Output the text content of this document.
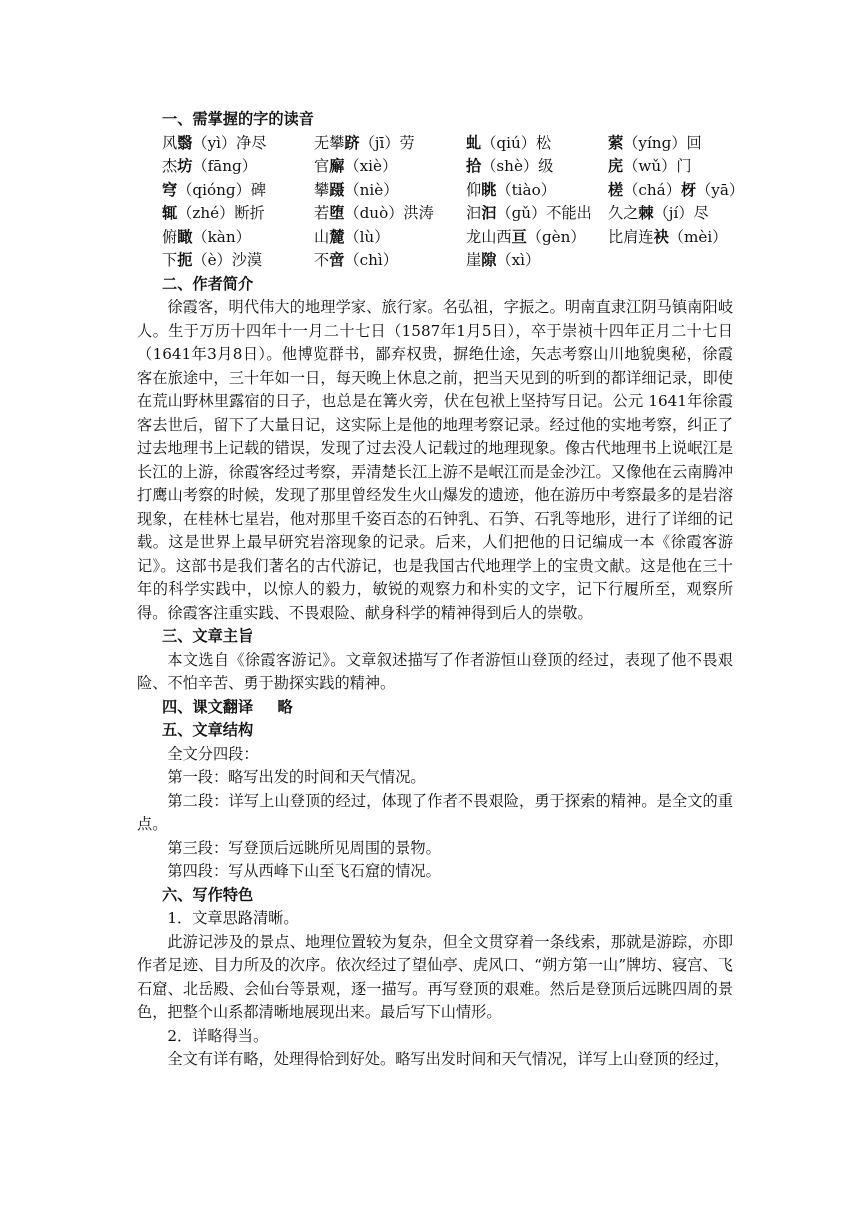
一、需掌握的字的读音
风翳（yì）净尽	无攀跻（jī）劳	虬（qiú）松	萦（yínɡ）回
杰坊（fānɡ）	官廨（xiè）	拾（shè）级	庑（wǔ）门
穹（qiónɡ）碑	攀蹑（niè）	仰眺（tiào）	槎（chá）枒（yā）
辄（zhé）断折	若堕（duò）洪涛	汩汩（ɡǔ）不能出	久之棘（jí）尽
俯瞰（kàn）	山麓（lù）	龙山西亘（ɡèn）	比肩连袂（mèi）
下扼（è）沙漠	不啻（chì）	崖隙（xì）
二、作者简介

徐霞客，明代伟大的地理学家、旅行家。名弘祖，字振之。明南直隶江阴马镇南阳岐人。生于万历十四年十一月二十七日（1587年1月5日），卒于崇祯十四年正月二十七日（1641年3月8日）。他博览群书，鄙弃权贵，摒绝仕途，矢志考察山川地貌奥秘，徐霞客在旅途中，三十年如一日，每天晚上休息之前，把当天见到的听到的都详细记录，即使在荒山野林里露宿的日子，也总是在篝火旁，伏在包袱上坚持写日记。公元 1641年徐霞客去世后，留下了大量日记，这实际上是他的地理考察记录。经过他的实地考察，纠正了过去地理书上记载的错误，发现了过去没人记载过的地理现象。像古代地理书上说岷江是长江的上游，徐霞客经过考察，弄清楚长江上游不是岷江而是金沙江。又像他在云南腾冲打鹰山考察的时候，发现了那里曾经发生火山爆发的遗迹，他在游历中考察最多的是岩溶现象，在桂林七星岩，他对那里千姿百态的石钟乳、石笋、石乳等地形，进行了详细的记载。这是世界上最早研究岩溶现象的记录。后来，人们把他的日记编成一本《徐霞客游记》。这部书是我们著名的古代游记，也是我国古代地理学上的宝贵文献。这是他在三十年的科学实践中，以惊人的毅力，敏锐的观察力和朴实的文字，记下行履所至，观察所得。徐霞客注重实践、不畏艰险、献身科学的精神得到后人的崇敬。

三、文章主旨

本文选自《徐霞客游记》。文章叙述描写了作者游恒山登顶的经过，表现了他不畏艰险、不怕辛苦、勇于勘探实践的精神。

四、课文翻译 略
五、文章结构

全文分四段：

第一段：略写出发的时间和天气情况。

第二段：详写上山登顶的经过，体现了作者不畏艰险，勇于探索的精神。是全文的重点。

第三段：写登顶后远眺所见周围的景物。

第四段：写从西峰下山至飞石窟的情况。

六、写作特色

1．文章思路清晰。

此游记涉及的景点、地理位置较为复杂，但全文贯穿着一条线索，那就是游踪，亦即作者足迹、目力所及的次序。依次经过了望仙亭、虎风口、“朔方第一山”牌坊、寝宫、飞石窟、北岳殿、会仙台等景观，逐一描写。再写登顶的艰难。然后是登顶后远眺四周的景色，把整个山系都清晰地展现出来。最后写下山情形。

2．详略得当。

全文有详有略，处理得恰到好处。略写出发时间和天气情况，详写上山登顶的经过，
